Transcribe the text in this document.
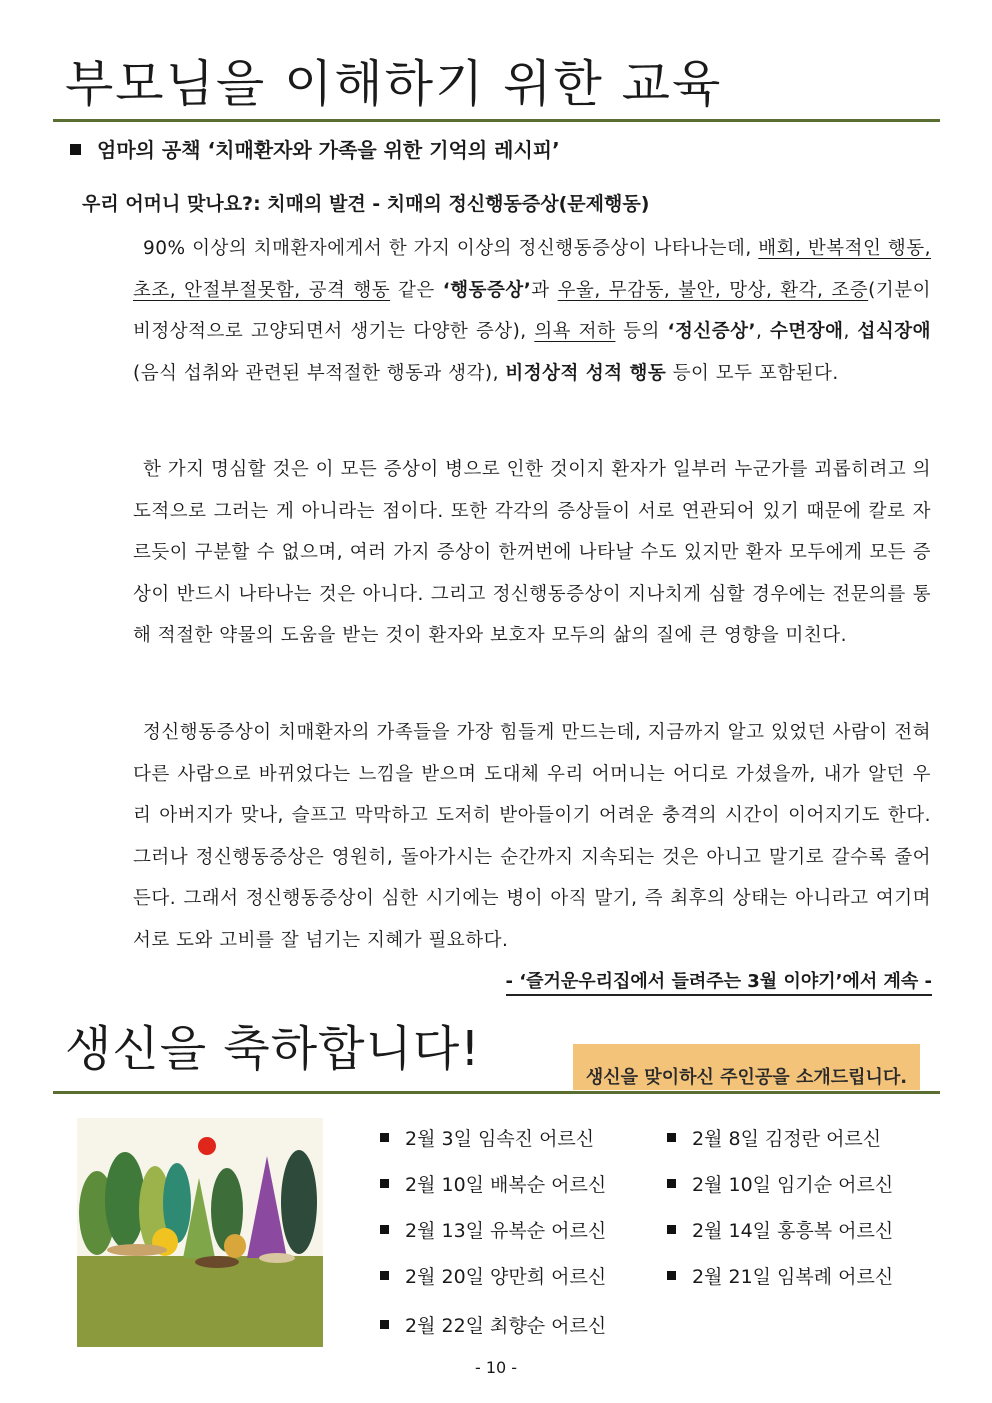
부모님을 이해하기 위한 교육
엄마의 공책 ‘치매환자와 가족을 위한 기억의 레시피’
우리 어머니 맞나요?: 치매의 발견 - 치매의 정신행동증상(문제행동)

90% 이상의 치매환자에게서 한 가지 이상의 정신행동증상이 나타나는데, 배회, 반복적인 행동, 초조, 안절부절못함, 공격 행동 같은 ‘행동증상’과 우울, 무감동, 불안, 망상, 환각, 조증(기분이 비정상적으로 고양되면서 생기는 다양한 증상), 의욕 저하 등의 ‘정신증상’, 수면장애, 섭식장애(음식 섭취와 관련된 부적절한 행동과 생각), 비정상적 성적 행동 등이 모두 포함된다.

한 가지 명심할 것은 이 모든 증상이 병으로 인한 것이지 환자가 일부러 누군가를 괴롭히려고 의도적으로 그러는 게 아니라는 점이다. 또한 각각의 증상들이 서로 연관되어 있기 때문에 칼로 자르듯이 구분할 수 없으며, 여러 가지 증상이 한꺼번에 나타날 수도 있지만 환자 모두에게 모든 증상이 반드시 나타나는 것은 아니다. 그리고 정신행동증상이 지나치게 심할 경우에는 전문의를 통해 적절한 약물의 도움을 받는 것이 환자와 보호자 모두의 삶의 질에 큰 영향을 미친다.

정신행동증상이 치매환자의 가족들을 가장 힘들게 만드는데, 지금까지 알고 있었던 사람이 전혀 다른 사람으로 바뀌었다는 느낌을 받으며 도대체 우리 어머니는 어디로 가셨을까, 내가 알던 우리 아버지가 맞나, 슬프고 막막하고 도저히 받아들이기 어려운 충격의 시간이 이어지기도 한다. 그러나 정신행동증상은 영원히, 돌아가시는 순간까지 지속되는 것은 아니고 말기로 갈수록 줄어든다. 그래서 정신행동증상이 심한 시기에는 병이 아직 말기, 즉 최후의 상태는 아니라고 여기며 서로 도와 고비를 잘 넘기는 지혜가 필요하다.

- ‘즐거운우리집에서 들려주는 3월 이야기’에서 계속 -
생신을 축하합니다!
생신을 맞이하신 주인공을 소개드립니다.
2월 3일 임속진 어르신	2월 8일 김정란 어르신
2월 10일 배복순 어르신	2월 10일 임기순 어르신
2월 13일 유복순 어르신	2월 14일 홍흥복 어르신
2월 20일 양만희 어르신	2월 21일 임복례 어르신
2월 22일 최향순 어르신
- 10 -
